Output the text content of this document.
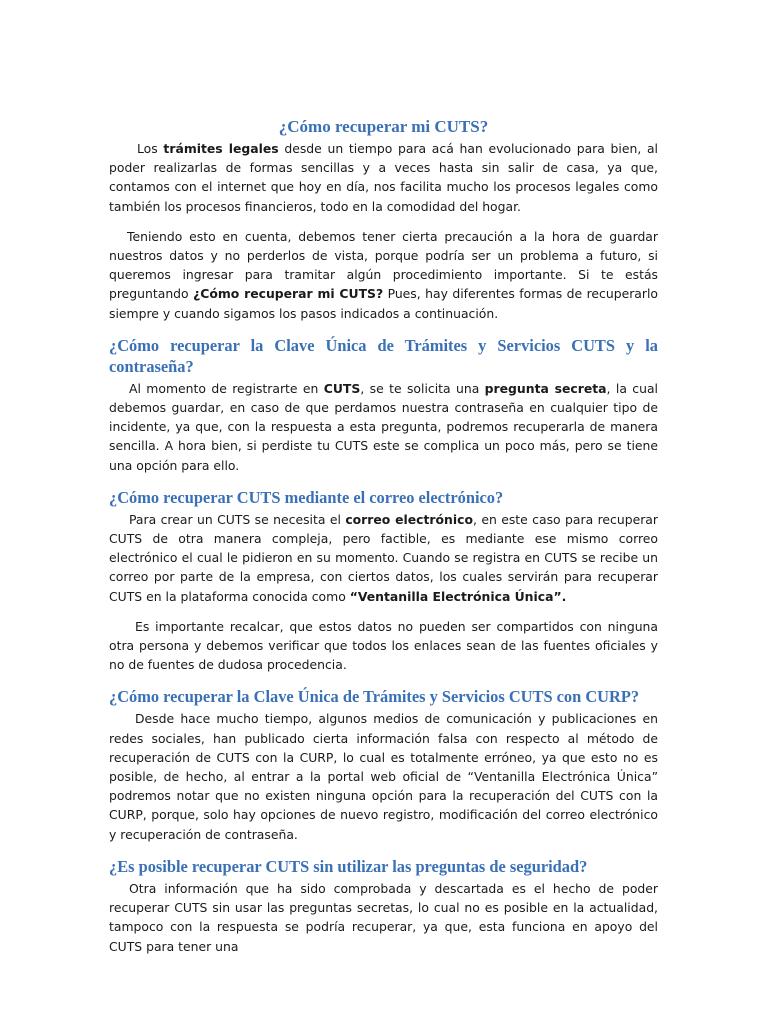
¿Cómo recuperar mi CUTS?

Los trámites legales desde un tiempo para acá han evolucionado para bien, al poder realizarlas de formas sencillas y a veces hasta sin salir de casa, ya que, contamos con el internet que hoy en día, nos facilita mucho los procesos legales como también los procesos financieros, todo en la comodidad del hogar.

Teniendo esto en cuenta, debemos tener cierta precaución a la hora de guardar nuestros datos y no perderlos de vista, porque podría ser un problema a futuro, si queremos ingresar para tramitar algún procedimiento importante. Si te estás preguntando ¿Cómo recuperar mi CUTS? Pues, hay diferentes formas de recuperarlo siempre y cuando sigamos los pasos indicados a continuación.

¿Cómo recuperar la Clave Única de Trámites y Servicios CUTS y la contraseña?

Al momento de registrarte en CUTS, se te solicita una pregunta secreta, la cual debemos guardar, en caso de que perdamos nuestra contraseña en cualquier tipo de incidente, ya que, con la respuesta a esta pregunta, podremos recuperarla de manera sencilla. A hora bien, si perdiste tu CUTS este se complica un poco más, pero se tiene una opción para ello.

¿Cómo recuperar CUTS mediante el correo electrónico?

Para crear un CUTS se necesita el correo electrónico, en este caso para recuperar CUTS de otra manera compleja, pero factible, es mediante ese mismo correo electrónico el cual le pidieron en su momento. Cuando se registra en CUTS se recibe un correo por parte de la empresa, con ciertos datos, los cuales servirán para recuperar CUTS en la plataforma conocida como “Ventanilla Electrónica Única”.

Es importante recalcar, que estos datos no pueden ser compartidos con ninguna otra persona y debemos verificar que todos los enlaces sean de las fuentes oficiales y no de fuentes de dudosa procedencia.

¿Cómo recuperar la Clave Única de Trámites y Servicios CUTS con CURP?

Desde hace mucho tiempo, algunos medios de comunicación y publicaciones en redes sociales, han publicado cierta información falsa con respecto al método de recuperación de CUTS con la CURP, lo cual es totalmente erróneo, ya que esto no es posible, de hecho, al entrar a la portal web oficial de “Ventanilla Electrónica Única” podremos notar que no existen ninguna opción para la recuperación del CUTS con la CURP, porque, solo hay opciones de nuevo registro, modificación del correo electrónico y recuperación de contraseña.

¿Es posible recuperar CUTS sin utilizar las preguntas de seguridad?

Otra información que ha sido comprobada y descartada es el hecho de poder recuperar CUTS sin usar las preguntas secretas, lo cual no es posible en la actualidad, tampoco con la respuesta se podría recuperar, ya que, esta funciona en apoyo del CUTS para tener una
